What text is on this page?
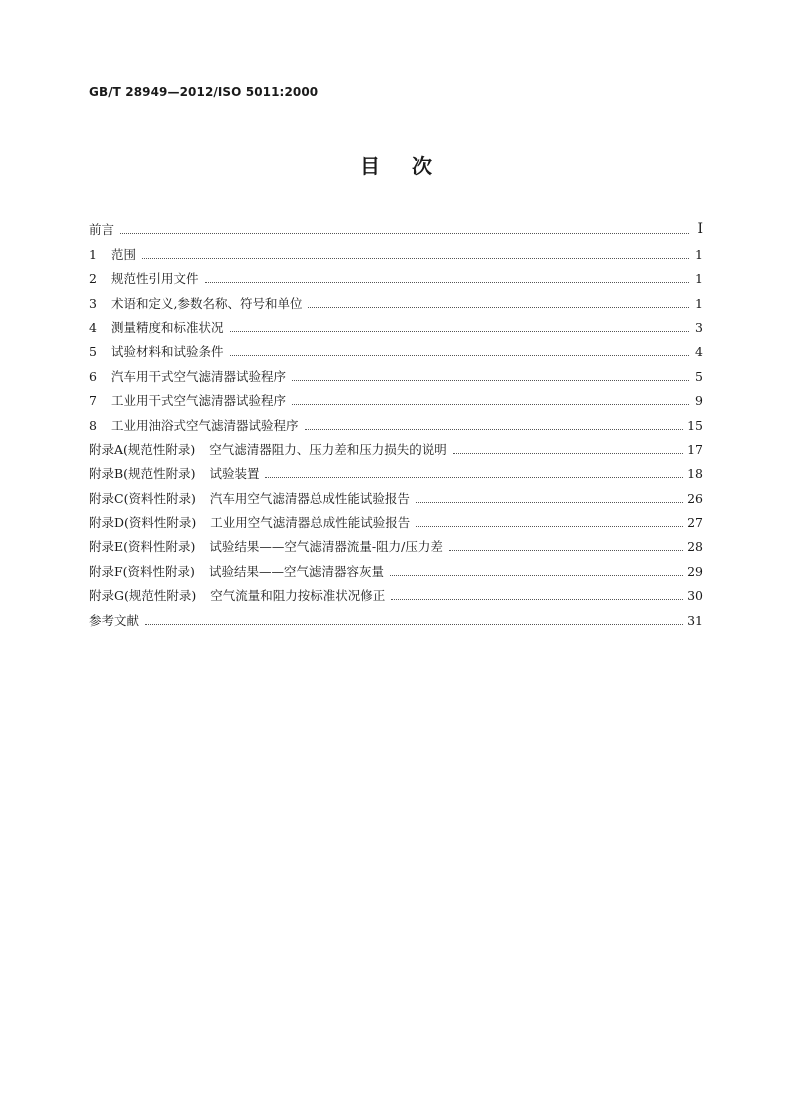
GB/T 28949—2012/ISO 5011:2000
目次
前言	Ⅰ
1	范围	1
2	规范性引用文件	1
3	术语和定义,参数名称、符号和单位	1
4	测量精度和标准状况	3
5	试验材料和试验条件	4
6	汽车用干式空气滤清器试验程序	5
7	工业用干式空气滤清器试验程序	9
8	工业用油浴式空气滤清器试验程序	15
附录A(规范性附录) 空气滤清器阻力、压力差和压力损失的说明	17
附录B(规范性附录) 试验装置	18
附录C(资料性附录) 汽车用空气滤清器总成性能试验报告	26
附录D(资料性附录) 工业用空气滤清器总成性能试验报告	27
附录E(资料性附录) 试验结果——空气滤清器流量-阻力/压力差	28
附录F(资料性附录) 试验结果——空气滤清器容灰量	29
附录G(规范性附录) 空气流量和阻力按标准状况修正	30
参考文献	31
